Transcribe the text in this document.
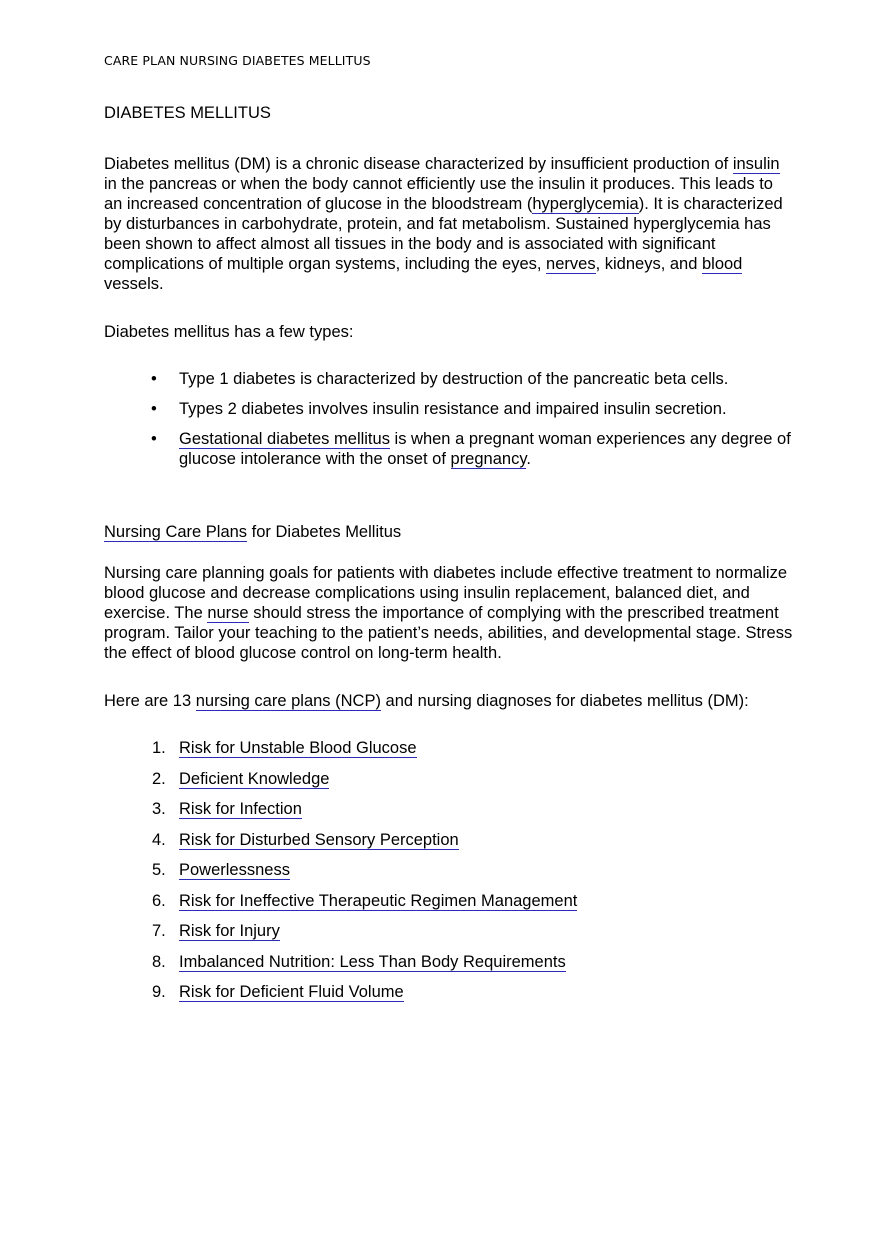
CARE PLAN NURSING DIABETES MELLITUS
DIABETES MELLITUS

Diabetes mellitus (DM) is a chronic disease characterized by insufficient production of insulin in the pancreas or when the body cannot efficiently use the insulin it produces. This leads to an increased concentration of glucose in the bloodstream (hyperglycemia). It is characterized by disturbances in carbohydrate, protein, and fat metabolism. Sustained hyperglycemia has been shown to affect almost all tissues in the body and is associated with significant complications of multiple organ systems, including the eyes, nerves, kidneys, and blood vessels.

Diabetes mellitus has a few types:

• Type 1 diabetes is characterized by destruction of the pancreatic beta cells.
• Types 2 diabetes involves insulin resistance and impaired insulin secretion.
• Gestational diabetes mellitus is when a pregnant woman experiences any degree of glucose intolerance with the onset of pregnancy.
Nursing Care Plans for Diabetes Mellitus

Nursing care planning goals for patients with diabetes include effective treatment to normalize blood glucose and decrease complications using insulin replacement, balanced diet, and exercise. The nurse should stress the importance of complying with the prescribed treatment program. Tailor your teaching to the patient’s needs, abilities, and developmental stage. Stress the effect of blood glucose control on long-term health.

Here are 13 nursing care plans (NCP) and nursing diagnoses for diabetes mellitus (DM):

1. Risk for Unstable Blood Glucose
2. Deficient Knowledge
3. Risk for Infection
4. Risk for Disturbed Sensory Perception
5. Powerlessness
6. Risk for Ineffective Therapeutic Regimen Management
7. Risk for Injury
8. Imbalanced Nutrition: Less Than Body Requirements
9. Risk for Deficient Fluid Volume
